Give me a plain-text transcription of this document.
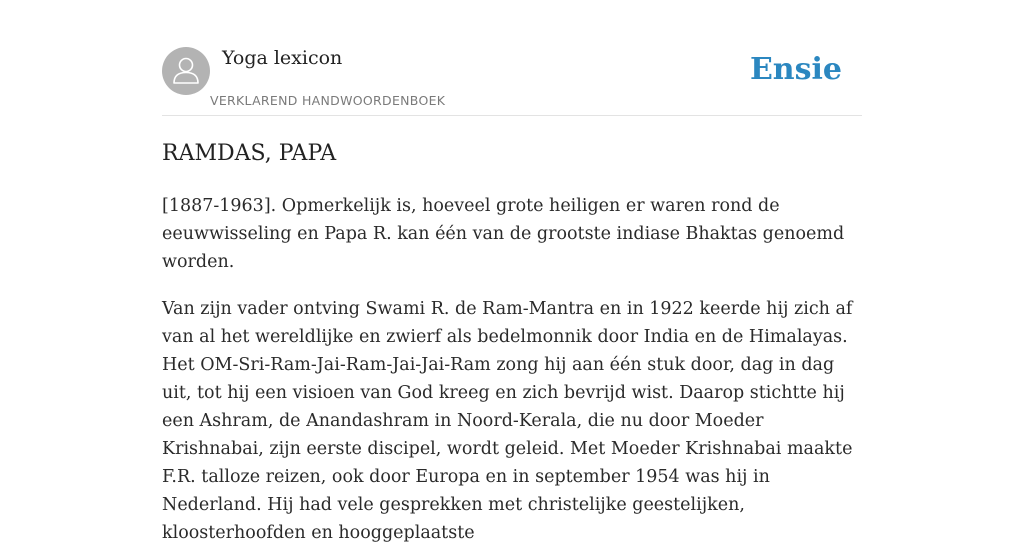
Yoga lexicon
VERKLAREND HANDWOORDENBOEK
Ensie
RAMDAS, PAPA

[1887-1963]. Opmerkelijk is, hoeveel grote heiligen er waren rond de eeuwwisseling en Papa R. kan één van de grootste indiase Bhaktas genoemd worden.

Van zijn vader ontving Swami R. de Ram-Mantra en in 1922 keerde hij zich af van al het wereldlijke en zwierf als bedelmonnik door India en de Himalayas. Het OM-Sri-Ram-Jai-Ram-Jai-Jai-Ram zong hij aan één stuk door, dag in dag uit, tot hij een visioen van God kreeg en zich bevrijd wist. Daarop stichtte hij een Ashram, de Anandashram in Noord-Kerala, die nu door Moeder Krishnabai, zijn eerste discipel, wordt geleid. Met Moeder Krishnabai maakte F.R. talloze reizen, ook door Europa en in september 1954 was hij in Nederland. Hij had vele gesprekken met christelijke geestelijken, kloosterhoofden en hooggeplaatste
